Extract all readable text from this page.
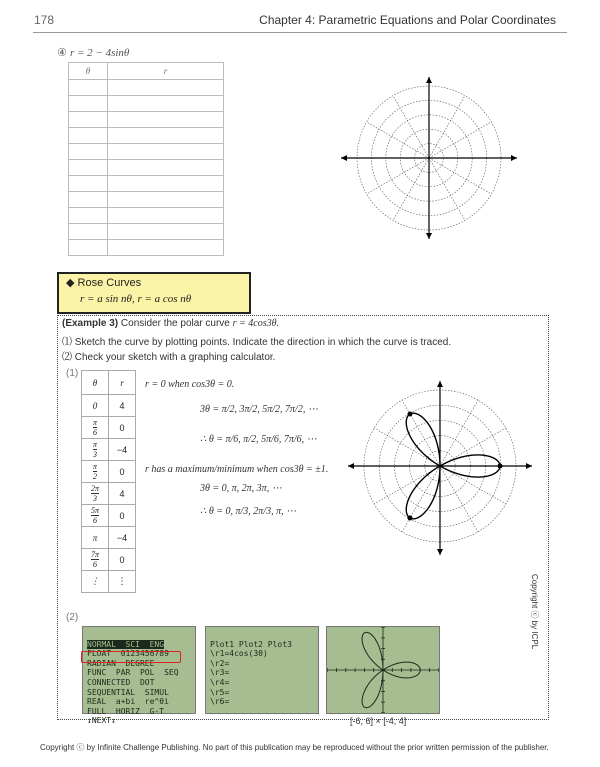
178	Chapter 4: Parametric Equations and Polar Coordinates
④ r = 2 − 4sinθ
θ	r

◆ Rose Curves
r = a sin nθ, r = a cos nθ
(Example 3) Consider the polar curve r = 4cos3θ.
⑴ Sketch the curve by plotting points. Indicate the direction in which the curve is traced.
⑵ Check your sketch with a graphing calculator.
(1)
θ	r
0	4

$\frac{\pi}{6}$	0

$\frac{\pi}{3}$	−4

$\frac{\pi}{2}$	0

$\frac{2\pi}{3}$	4

$\frac{5\pi}{6}$	0
π	−4

$\frac{7\pi}{6}$	0
⋮	⋮
r = 0 when cos3θ = 0.
3θ = π/2, 3π/2, 5π/2, 7π/2, ⋯
∴ θ = π/6, π/2, 5π/6, 7π/6, ⋯
r has a maximum/minimum when cos3θ = ±1.
3θ = 0, π, 2π, 3π, ⋯
∴ θ = 0, π/3, 2π/3, π, ⋯
Copyright ⓒ by ICPL
(2)

NORMAL  SCI  ENG
FLOAT  0123456789
RADIAN  DEGREE
FUNC  PAR  POL  SEQ
CONNECTED  DOT
SEQUENTIAL  SIMUL
REAL  a+bi  re^θi
FULL  HORIZ  G-T
↓NEXT↓

Plot1 Plot2 Plot3
\r1=4cos(3θ)
\r2=
\r3=
\r4=
\r5=
\r6=
[-6, 6] × [-4, 4]
Copyright ⓒ by Infinite Challenge Publishing. No part of this publication may be reproduced without the prior written permission of the publisher.
